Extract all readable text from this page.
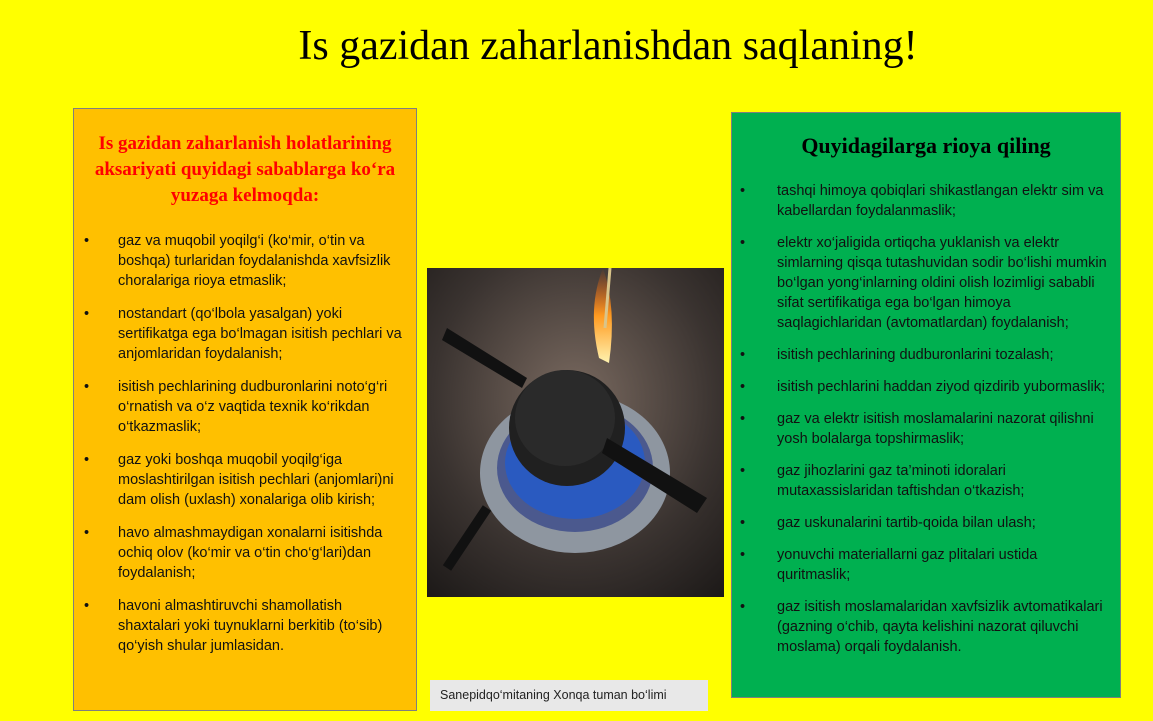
Is gazidan zaharlanishdan saqlaning!
Is gazidan zaharlanish holatlarining aksariyati quyidagi sabablarga ko‘ra yuzaga kelmoqda:
• gaz va muqobil yoqilg‘i (ko‘mir, o‘tin va boshqa) turlaridan foydalanishda xavfsizlik choralariga rioya etmaslik;
• nostandart (qo‘lbola yasalgan) yoki sertifikatga ega bo‘lmagan isitish pechlari va anjomlaridan foydalanish;
• isitish pechlarining dudburonlarini noto‘g‘ri o‘rnatish va o‘z vaqtida texnik ko‘rikdan o‘tkazmaslik;
• gaz yoki boshqa muqobil yoqilg‘iga moslashtirilgan isitish pechlari (anjomlari)ni dam olish (uxlash) xonalariga olib kirish;
• havo almashmaydigan xonalarni isitishda ochiq olov (ko‘mir va o‘tin cho‘g‘lari)dan foydalanish;
• havoni almashtiruvchi shamollatish shaxtalari yoki tuynuklarni berkitib (to‘sib) qo‘yish shular jumlasidan.
Quyidagilarga rioya qiling
• tashqi himoya qobiqlari shikastlangan elektr sim va kabellardan foydalanmaslik;
• elektr xo‘jaligida ortiqcha yuklanish va elektr simlarning qisqa tutashuvidan sodir bo‘lishi mumkin bo‘lgan yong‘inlarning oldini olish lozimligi sababli sifat sertifikatiga ega bo‘lgan himoya saqlagichlaridan (avtomatlardan) foydalanish;
• isitish pechlarining dudburonlarini tozalash;
• isitish pechlarini haddan ziyod qizdirib yubormaslik;
• gaz va elektr isitish moslamalarini nazorat qilishni yosh bolalarga topshirmaslik;
• gaz jihozlarini gaz ta’minoti idoralari mutaxassislaridan taftishdan o‘tkazish;
• gaz uskunalarini tartib-qoida bilan ulash;
• yonuvchi materiallarni gaz plitalari ustida quritmaslik;
• gaz isitish moslamalaridan xavfsizlik avtomatikalari (gazning o‘chib, qayta kelishini nazorat qiluvchi moslama) orqali foydalanish.
Sanepidqo‘mitaning Xonqa tuman bo‘limi
